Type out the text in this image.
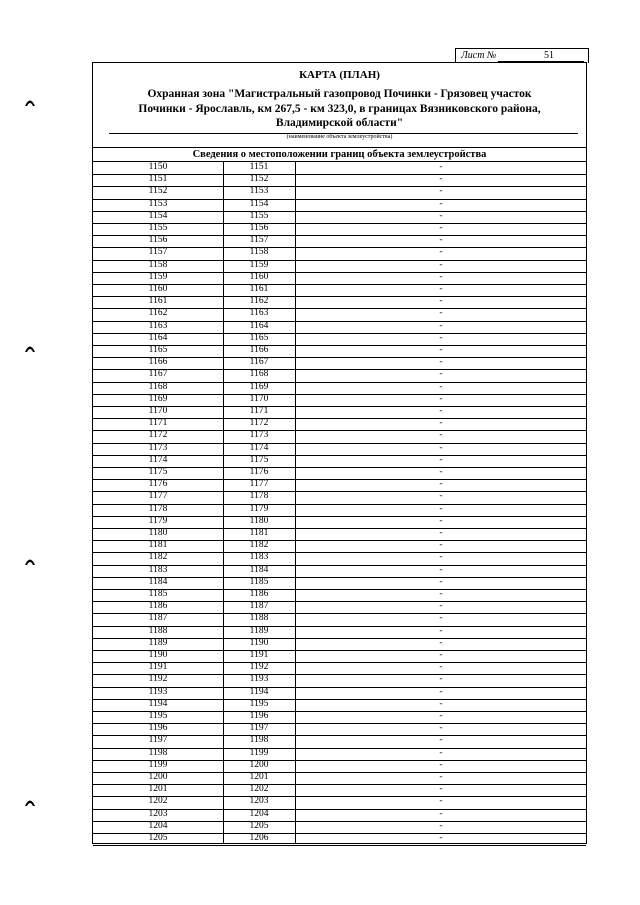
Лист №	51
КАРТА (ПЛАН)
Охранная зона "Магистральный газопровод Починки - Грязовец участок
Починки - Ярославль, км 267,5 - км 323,0, в границах Вязниковского района,
Владимирской области"
(наименование объекта землеустройства)
Сведения о местоположении границ объекта землеустройства
1150	1151	-
1151	1152	-
1152	1153	-
1153	1154	-
1154	1155	-
1155	1156	-
1156	1157	-
1157	1158	-
1158	1159	-
1159	1160	-
1160	1161	-
1161	1162	-
1162	1163	-
1163	1164	-
1164	1165	-
1165	1166	-
1166	1167	-
1167	1168	-
1168	1169	-
1169	1170	-
1170	1171	-
1171	1172	-
1172	1173	-
1173	1174	-
1174	1175	-
1175	1176	-
1176	1177	-
1177	1178	-
1178	1179	-
1179	1180	-
1180	1181	-
1181	1182	-
1182	1183	-
1183	1184	-
1184	1185	-
1185	1186	-
1186	1187	-
1187	1188	-
1188	1189	-
1189	1190	-
1190	1191	-
1191	1192	-
1192	1193	-
1193	1194	-
1194	1195	-
1195	1196	-
1196	1197	-
1197	1198	-
1198	1199	-
1199	1200	-
1200	1201	-
1201	1202	-
1202	1203	-
1203	1204	-
1204	1205	-
1205	1206	-
